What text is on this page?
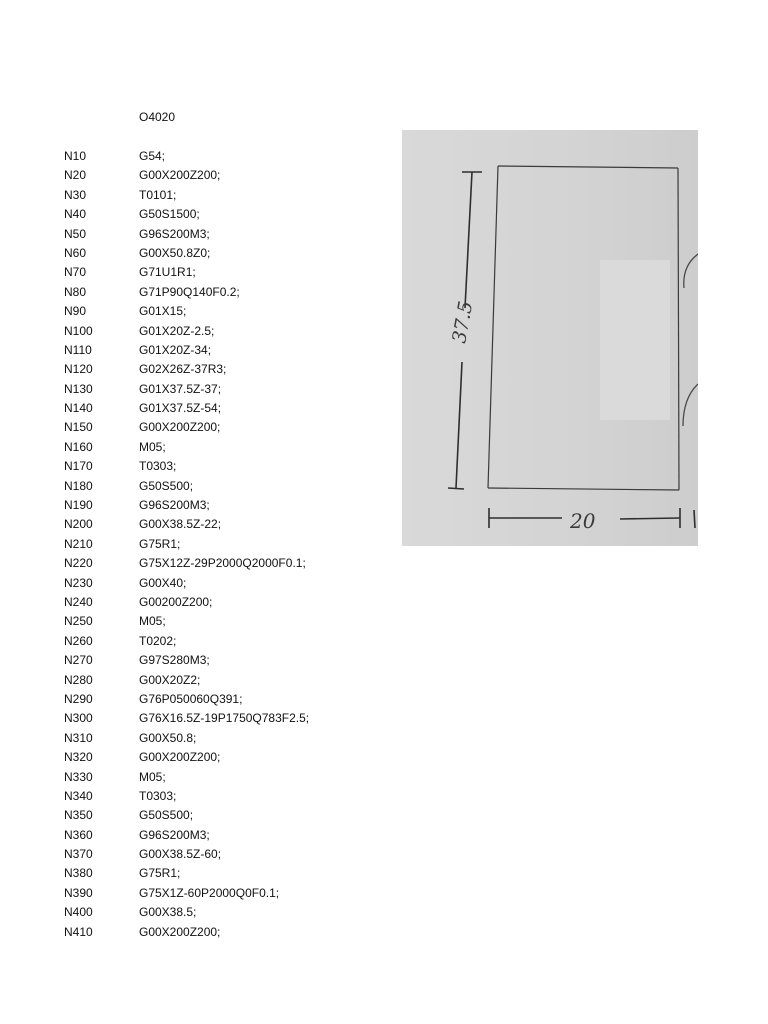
O4020
N10	G54;
N20	G00X200Z200;
N30	T0101;
N40	G50S1500;
N50	G96S200M3;
N60	G00X50.8Z0;
N70	G71U1R1;
N80	G71P90Q140F0.2;
N90	G01X15;
N100	G01X20Z-2.5;
N110	G01X20Z-34;
N120	G02X26Z-37R3;
N130	G01X37.5Z-37;
N140	G01X37.5Z-54;
N150	G00X200Z200;
N160	M05;
N170	T0303;
N180	G50S500;
N190	G96S200M3;
N200	G00X38.5Z-22;
N210	G75R1;
N220	G75X12Z-29P2000Q2000F0.1;
N230	G00X40;
N240	G00200Z200;
N250	M05;
N260	T0202;
N270	G97S280M3;
N280	G00X20Z2;
N290	G76P050060Q391;
N300	G76X16.5Z-19P1750Q783F2.5;
N310	G00X50.8;
N320	G00X200Z200;
N330	M05;
N340	T0303;
N350	G50S500;
N360	G96S200M3;
N370	G00X38.5Z-60;
N380	G75R1;
N390	G75X1Z-60P2000Q0F0.1;
N400	G00X38.5;
N410	G00X200Z200;
37.5
20
